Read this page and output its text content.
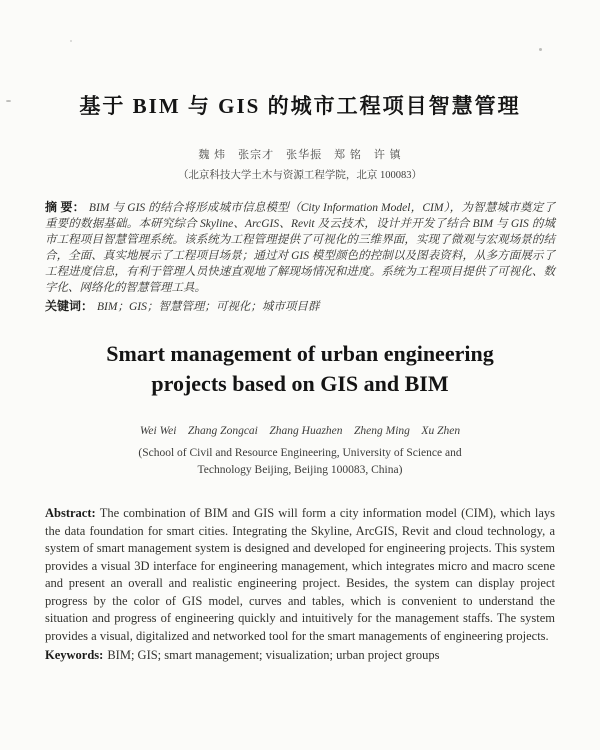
基于 BIM 与 GIS 的城市工程项目智慧管理

魏 炜　张宗才　张华振　郑 铭　许 镇

（北京科技大学土木与资源工程学院，北京 100083）

摘 要： BIM 与 GIS 的结合将形成城市信息模型（City Information Model，CIM），为智慧城市奠定了重要的数据基础。本研究综合 Skyline、ArcGIS、Revit 及云技术，设计并开发了结合 BIM 与 GIS 的城市工程项目智慧管理系统。该系统为工程管理提供了可视化的三维界面，实现了微观与宏观场景的结合，全面、真实地展示了工程项目场景；通过对 GIS 模型颜色的控制以及图表资料，从多方面展示了工程进度信息，有利于管理人员快速直观地了解现场情况和进度。系统为工程项目提供了可视化、数字化、网络化的智慧管理工具。

关键词： BIM；GIS；智慧管理；可视化；城市项目群

Smart management of urban engineering
projects based on GIS and BIM

Wei Wei    Zhang Zongcai    Zhang Huazhen    Zheng Ming    Xu Zhen

(School of Civil and Resource Engineering, University of Science and
Technology Beijing, Beijing 100083, China)

Abstract: The combination of BIM and GIS will form a city information model (CIM), which lays the data foundation for smart cities. Integrating the Skyline, ArcGIS, Revit and cloud technology, a system of smart management system is designed and developed for engineering projects. This system provides a visual 3D interface for engineering management, which integrates micro and macro scene and present an overall and realistic engineering project. Besides, the system can display project progress by the color of GIS model, curves and tables, which is convenient to understand the situation and progress of engineering quickly and intuitively for the management staffs. The system provides a visual, digitalized and networked tool for the smart managements of engineering projects.

Keywords: BIM; GIS; smart management; visualization; urban project groups
